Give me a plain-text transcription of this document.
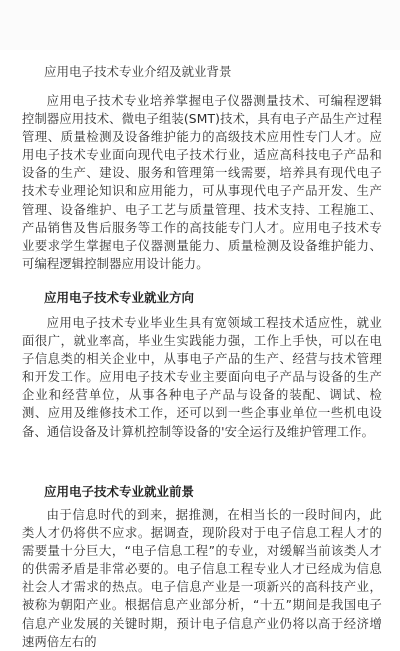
应用电子技术专业介绍及就业背景

应用电子技术专业培养掌握电子仪器测量技术、可编程逻辑控制器应用技术、微电子组装(SMT)技术，具有电子产品生产过程管理、质量检测及设备维护能力的高级技术应用性专门人才。应用电子技术专业面向现代电子技术行业，适应高科技电子产品和设备的生产、建设、服务和管理第一线需要，培养具有现代电子技术专业理论知识和应用能力，可从事现代电子产品开发、生产管理、设备维护、电子工艺与质量管理、技术支持、工程施工、产品销售及售后服务等工作的高技能专门人才。应用电子技术专业要求学生掌握电子仪器测量能力、质量检测及设备维护能力、可编程逻辑控制器应用设计能力。

应用电子技术专业就业方向

应用电子技术专业毕业生具有宽领域工程技术适应性，就业面很广，就业率高，毕业生实践能力强，工作上手快，可以在电子信息类的相关企业中，从事电子产品的生产、经营与技术管理和开发工作。应用电子技术专业主要面向电子产品与设备的生产企业和经营单位，从事各种电子产品与设备的装配、调试、检测、应用及维修技术工作，还可以到一些企事业单位一些机电设备、通信设备及计算机控制等设备的'安全运行及维护管理工作。

应用电子技术专业就业前景

由于信息时代的到来，据推测，在相当长的一段时间内，此类人才仍将供不应求。据调查，现阶段对于电子信息工程人才的需要量十分巨大，“电子信息工程”的专业，对缓解当前该类人才的供需矛盾是非常必要的。电子信息工程专业人才已经成为信息社会人才需求的热点。电子信息产业是一项新兴的高科技产业，被称为朝阳产业。根据信息产业部分析，“十五”期间是我国电子信息产业发展的关键时期，预计电子信息产业仍将以高于经济增速两倍左右的
